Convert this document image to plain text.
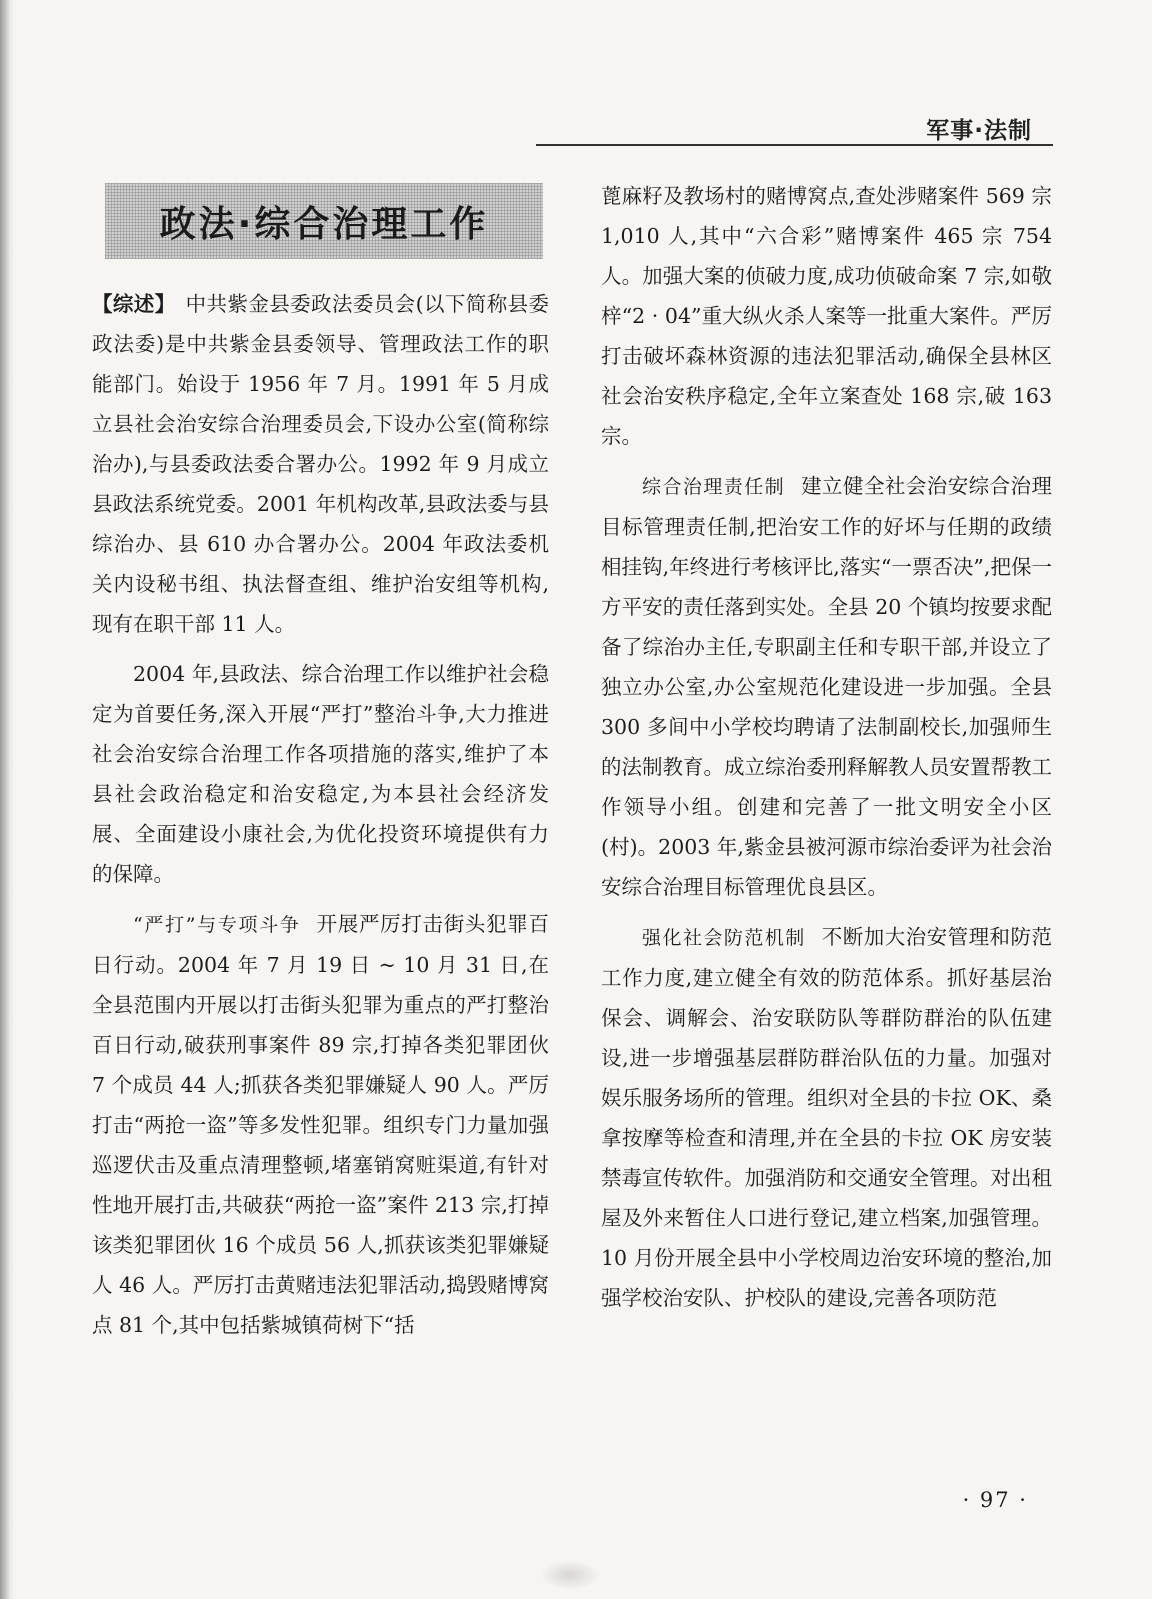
军事·法制
政法·综合治理工作

【综述】 中共紫金县委政法委员会(以下简称县委政法委)是中共紫金县委领导、管理政法工作的职能部门。始设于 1956 年 7 月。1991 年 5 月成立县社会治安综合治理委员会,下设办公室(简称综治办),与县委政法委合署办公。1992 年 9 月成立县政法系统党委。2001 年机构改革,县政法委与县综治办、县 610 办合署办公。2004 年政法委机关内设秘书组、执法督查组、维护治安组等机构,现有在职干部 11 人。

2004 年,县政法、综合治理工作以维护社会稳定为首要任务,深入开展“严打”整治斗争,大力推进社会治安综合治理工作各项措施的落实,维护了本县社会政治稳定和治安稳定,为本县社会经济发展、全面建设小康社会,为优化投资环境提供有力的保障。

“严打”与专项斗争 开展严厉打击街头犯罪百日行动。2004 年 7 月 19 日 ~ 10 月 31 日,在全县范围内开展以打击街头犯罪为重点的严打整治百日行动,破获刑事案件 89 宗,打掉各类犯罪团伙 7 个成员 44 人;抓获各类犯罪嫌疑人 90 人。严厉打击“两抢一盗”等多发性犯罪。组织专门力量加强巡逻伏击及重点清理整顿,堵塞销窝赃渠道,有针对性地开展打击,共破获“两抢一盗”案件 213 宗,打掉该类犯罪团伙 16 个成员 56 人,抓获该类犯罪嫌疑人 46 人。严厉打击黄赌违法犯罪活动,捣毁赌博窝点 81 个,其中包括紫城镇荷树下“括

蓖麻籽及教场村的赌博窝点,查处涉赌案件 569 宗 1,010 人,其中“六合彩”赌博案件 465 宗 754 人。加强大案的侦破力度,成功侦破命案 7 宗,如敬梓“2 · 04”重大纵火杀人案等一批重大案件。严厉打击破坏森林资源的违法犯罪活动,确保全县林区社会治安秩序稳定,全年立案查处 168 宗,破 163 宗。

综合治理责任制 建立健全社会治安综合治理目标管理责任制,把治安工作的好坏与任期的政绩相挂钩,年终进行考核评比,落实“一票否决”,把保一方平安的责任落到实处。全县 20 个镇均按要求配备了综治办主任,专职副主任和专职干部,并设立了独立办公室,办公室规范化建设进一步加强。全县 300 多间中小学校均聘请了法制副校长,加强师生的法制教育。成立综治委刑释解教人员安置帮教工作领导小组。创建和完善了一批文明安全小区(村)。2003 年,紫金县被河源市综治委评为社会治安综合治理目标管理优良县区。

强化社会防范机制 不断加大治安管理和防范工作力度,建立健全有效的防范体系。抓好基层治保会、调解会、治安联防队等群防群治的队伍建设,进一步增强基层群防群治队伍的力量。加强对娱乐服务场所的管理。组织对全县的卡拉 OK、桑拿按摩等检查和清理,并在全县的卡拉 OK 房安装禁毒宣传软件。加强消防和交通安全管理。对出租屋及外来暂住人口进行登记,建立档案,加强管理。10 月份开展全县中小学校周边治安环境的整治,加强学校治安队、护校队的建设,完善各项防范

· 97 ·
